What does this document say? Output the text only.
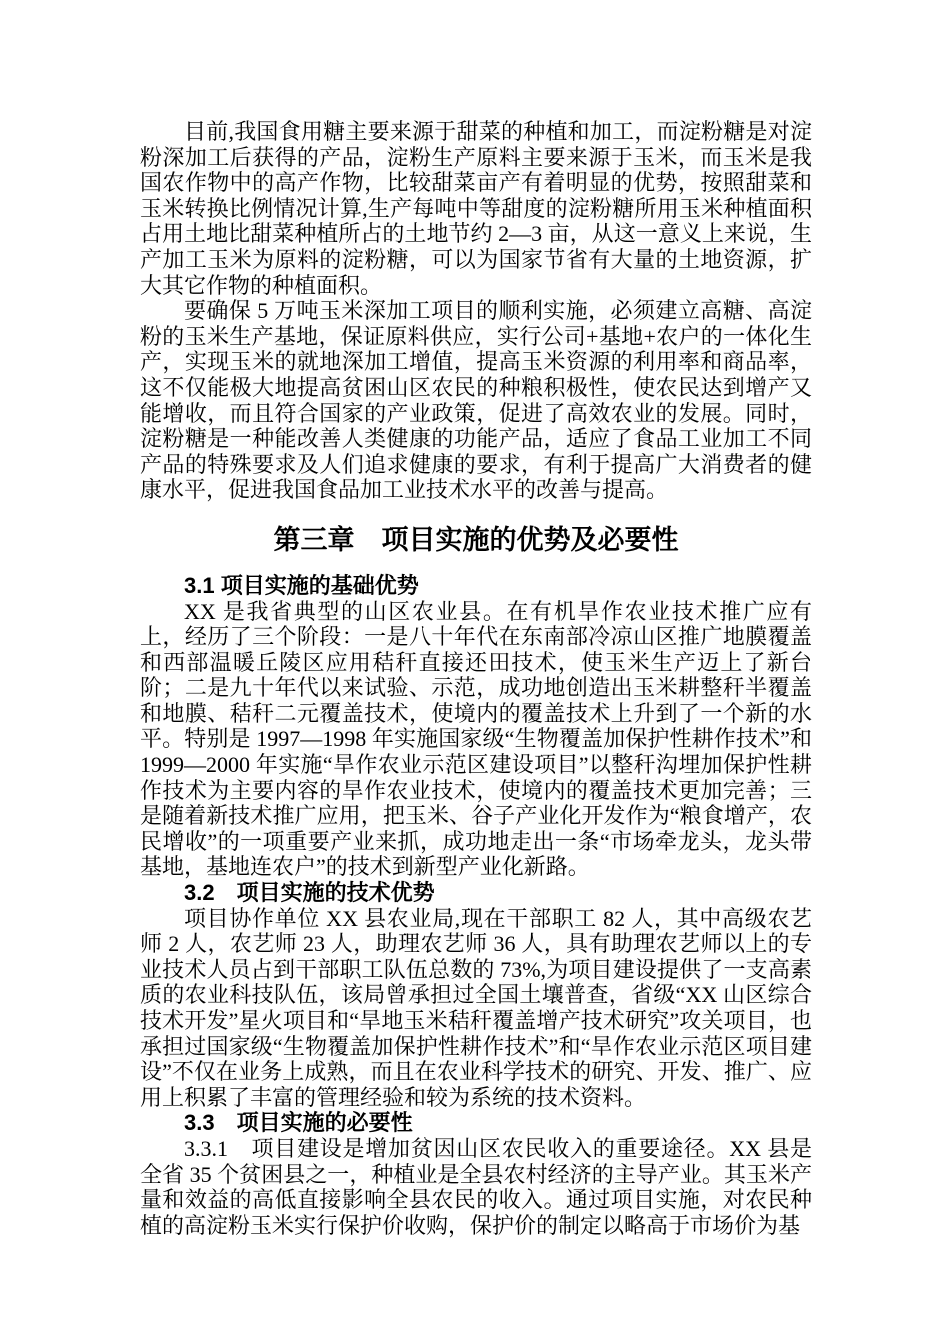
目前,我国食用糖主要来源于甜菜的种植和加工，而淀粉糖是对淀粉深加工后获得的产品，淀粉生产原料主要来源于玉米，而玉米是我国农作物中的高产作物，比较甜菜亩产有着明显的优势，按照甜菜和玉米转换比例情况计算,生产每吨中等甜度的淀粉糖所用玉米种植面积占用土地比甜菜种植所占的土地节约 2—3 亩，从这一意义上来说，生产加工玉米为原料的淀粉糖，可以为国家节省有大量的土地资源，扩大其它作物的种植面积。

要确保 5 万吨玉米深加工项目的顺利实施，必须建立高糖、高淀粉的玉米生产基地，保证原料供应，实行公司+基地+农户的一体化生产，实现玉米的就地深加工增值，提高玉米资源的利用率和商品率，这不仅能极大地提高贫困山区农民的种粮积极性，使农民达到增产又能增收，而且符合国家的产业政策，促进了高效农业的发展。同时，淀粉糖是一种能改善人类健康的功能产品，适应了食品工业加工不同产品的特殊要求及人们追求健康的要求，有利于提高广大消费者的健康水平，促进我国食品加工业技术水平的改善与提高。

第三章　项目实施的优势及必要性
3.1 项目实施的基础优势

XX 是我省典型的山区农业县。在有机旱作农业技术推广应有上，经历了三个阶段：一是八十年代在东南部冷凉山区推广地膜覆盖和西部温暖丘陵区应用秸秆直接还田技术，使玉米生产迈上了新台阶；二是九十年代以来试验、示范，成功地创造出玉米耕整秆半覆盖和地膜、秸秆二元覆盖技术，使境内的覆盖技术上升到了一个新的水平。特别是 1997—1998 年实施国家级“生物覆盖加保护性耕作技术”和 1999—2000 年实施“旱作农业示范区建设项目”以整秆沟埋加保护性耕作技术为主要内容的旱作农业技术，使境内的覆盖技术更加完善；三是随着新技术推广应用，把玉米、谷子产业化开发作为“粮食增产，农民增收”的一项重要产业来抓，成功地走出一条“市场牵龙头，龙头带基地，基地连农户”的技术到新型产业化新路。

3.2　项目实施的技术优势

项目协作单位 XX 县农业局,现在干部职工 82 人，其中高级农艺师 2 人，农艺师 23 人，助理农艺师 36 人，具有助理农艺师以上的专业技术人员占到干部职工队伍总数的 73%,为项目建设提供了一支高素质的农业科技队伍，该局曾承担过全国土壤普查，省级“XX 山区综合技术开发”星火项目和“旱地玉米秸秆覆盖增产技术研究”攻关项目，也承担过国家级“生物覆盖加保护性耕作技术”和“旱作农业示范区项目建设”不仅在业务上成熟，而且在农业科学技术的研究、开发、推广、应用上积累了丰富的管理经验和较为系统的技术资料。

3.3　项目实施的必要性

3.3.1　项目建设是增加贫因山区农民收入的重要途径。XX 县是全省 35 个贫困县之一，种植业是全县农村经济的主导产业。其玉米产量和效益的高低直接影响全县农民的收入。通过项目实施，对农民种植的高淀粉玉米实行保护价收购，保护价的制定以略高于市场价为基
